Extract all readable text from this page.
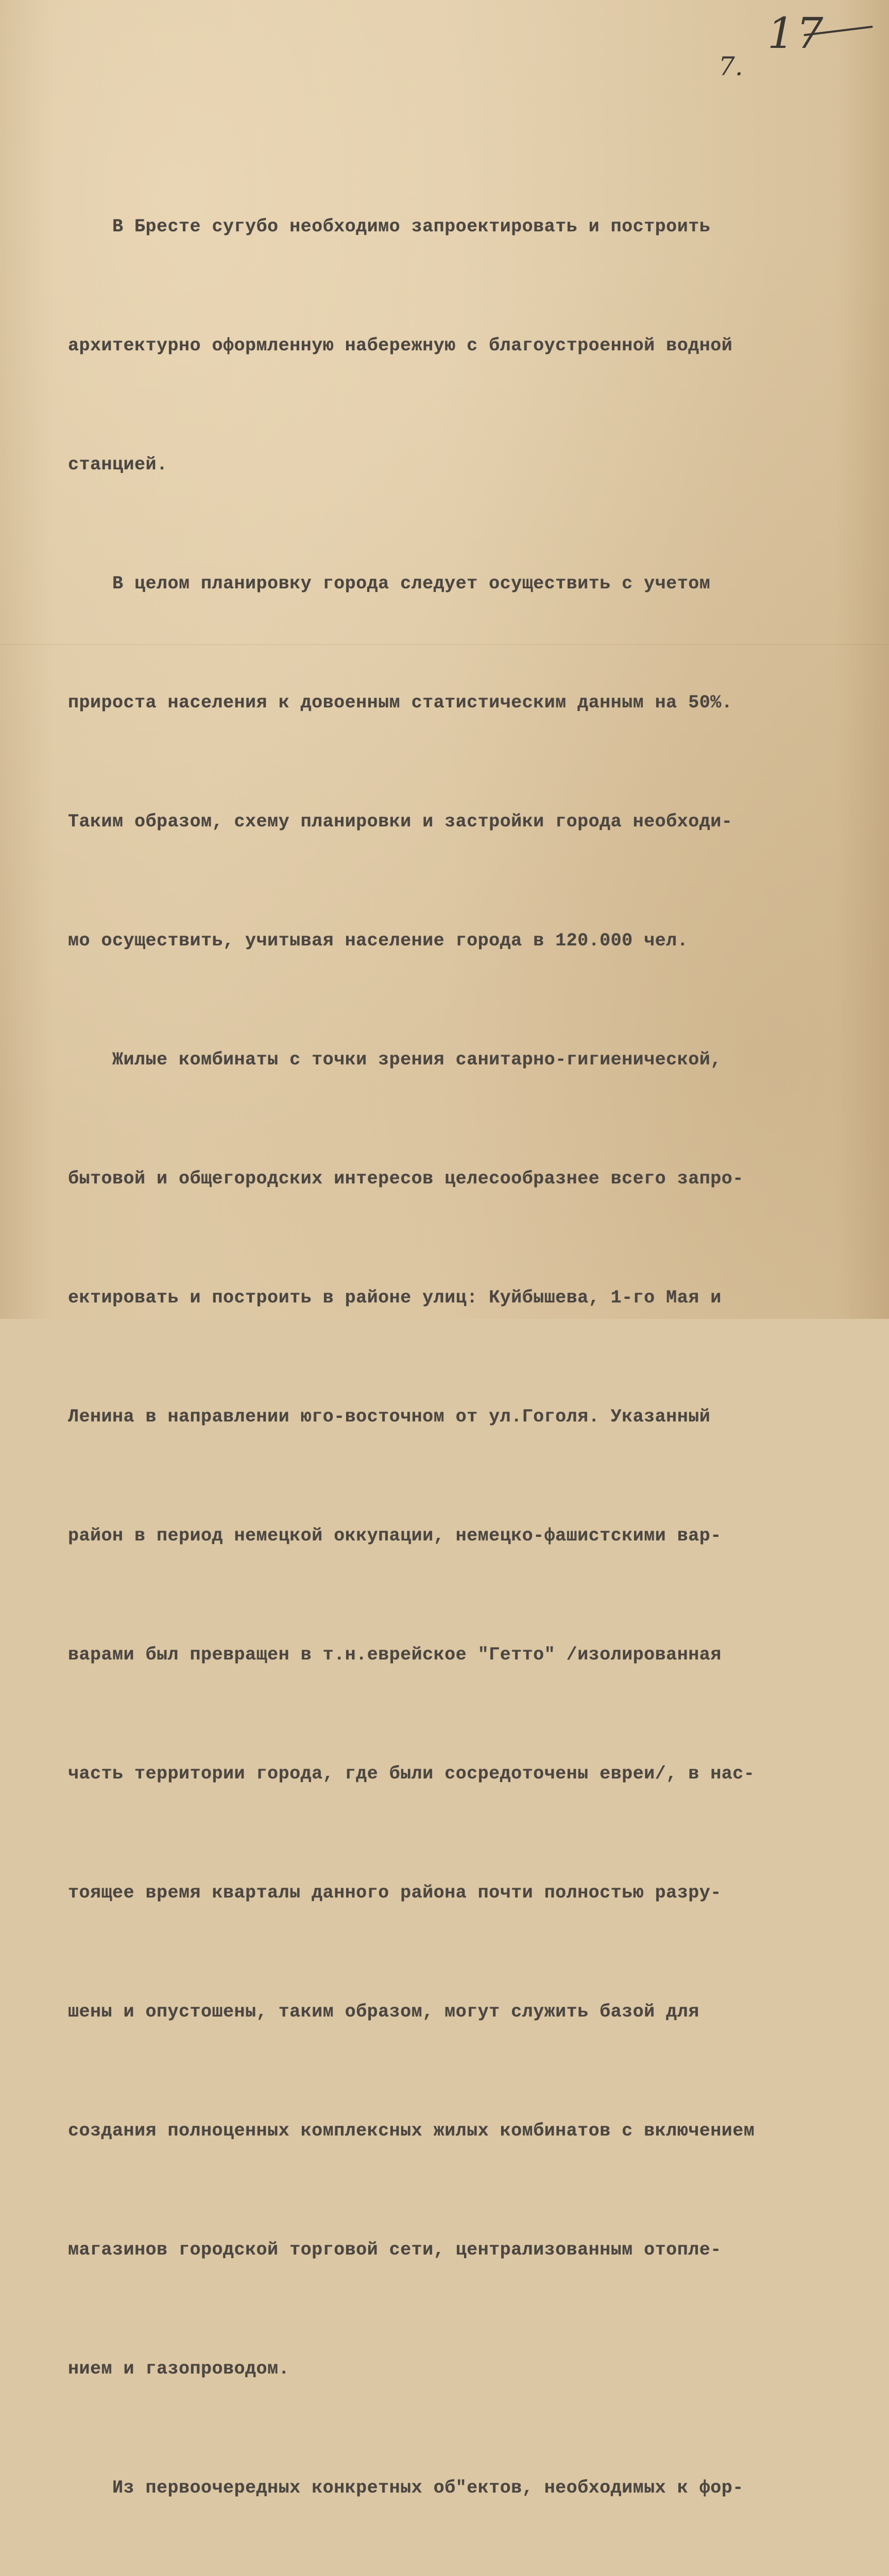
17
7.

В Бресте сугубо необходимо запроектировать и построить

архитектурно оформленную набережную с благоустроенной водной

станцией.

В целом планировку города следует осуществить с учетом

прироста населения к довоенным статистическим данным на 50%.

Таким образом, схему планировки и застройки города необходи-

мо осуществить, учитывая население города в 120.000 чел.

Жилые комбинаты с точки зрения санитарно-гигиенической,

бытовой и общегородских интересов целесообразнее всего запро-

ектировать и построить в районе улиц: Куйбышева, 1-го Мая и

Ленина в направлении юго-восточном от ул.Гоголя. Указанный

район в период немецкой оккупации, немецко-фашистскими вар-

варами был превращен в т.н.еврейское "Гетто" /изолированная

часть территории города, где были сосредоточены евреи/, в нас-

тоящее время кварталы данного района почти полностью разру-

шены и опустошены, таким образом, могут служить базой для

создания полноценных комплексных жилых комбинатов с включением

магазинов городской торговой сети, централизованным отопле-

нием и газопроводом.

Из первоочередных конкретных об"ектов, необходимых к фор-
